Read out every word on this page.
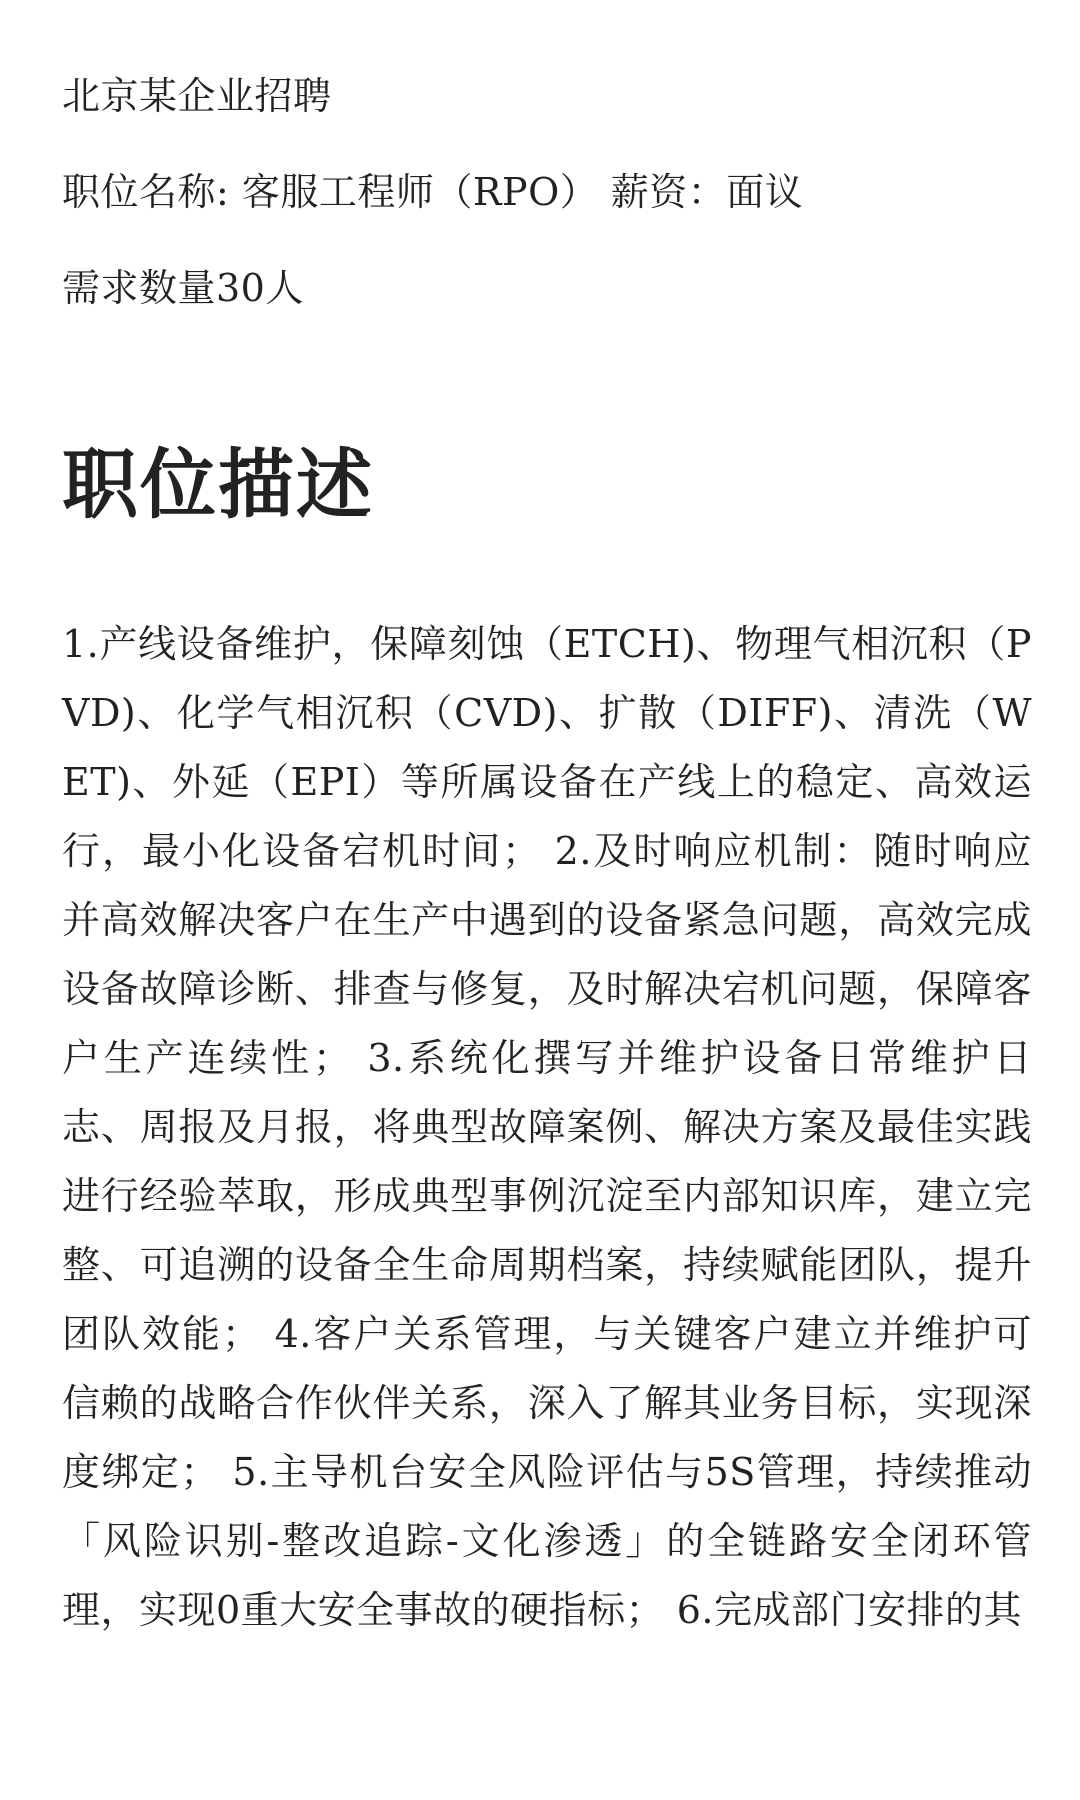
北京某企业招聘
职位名称: 客服工程师（RPO） 薪资：面议
需求数量30人
职位描述
1.产线设备维护，保障刻蚀（ETCH)、物理气相沉积（PVD)、化学气相沉积（CVD)、扩散（DIFF)、清洗（WET)、外延（EPI）等所属设备在产线上的稳定、高效运行，最小化设备宕机时间； 2.及时响应机制：随时响应并高效解决客户在生产中遇到的设备紧急问题，高效完成设备故障诊断、排查与修复，及时解决宕机问题，保障客户生产连续性； 3.系统化撰写并维护设备日常维护日志、周报及月报，将典型故障案例、解决方案及最佳实践进行经验萃取，形成典型事例沉淀至内部知识库，建立完整、可追溯的设备全生命周期档案，持续赋能团队，提升团队效能； 4.客户关系管理，与关键客户建立并维护可信赖的战略合作伙伴关系，深入了解其业务目标，实现深度绑定； 5.主导机台安全风险评估与5S管理，持续推动「风险识别-整改追踪-文化渗透」的全链路安全闭环管理，实现0重大安全事故的硬指标； 6.完成部门安排的其
